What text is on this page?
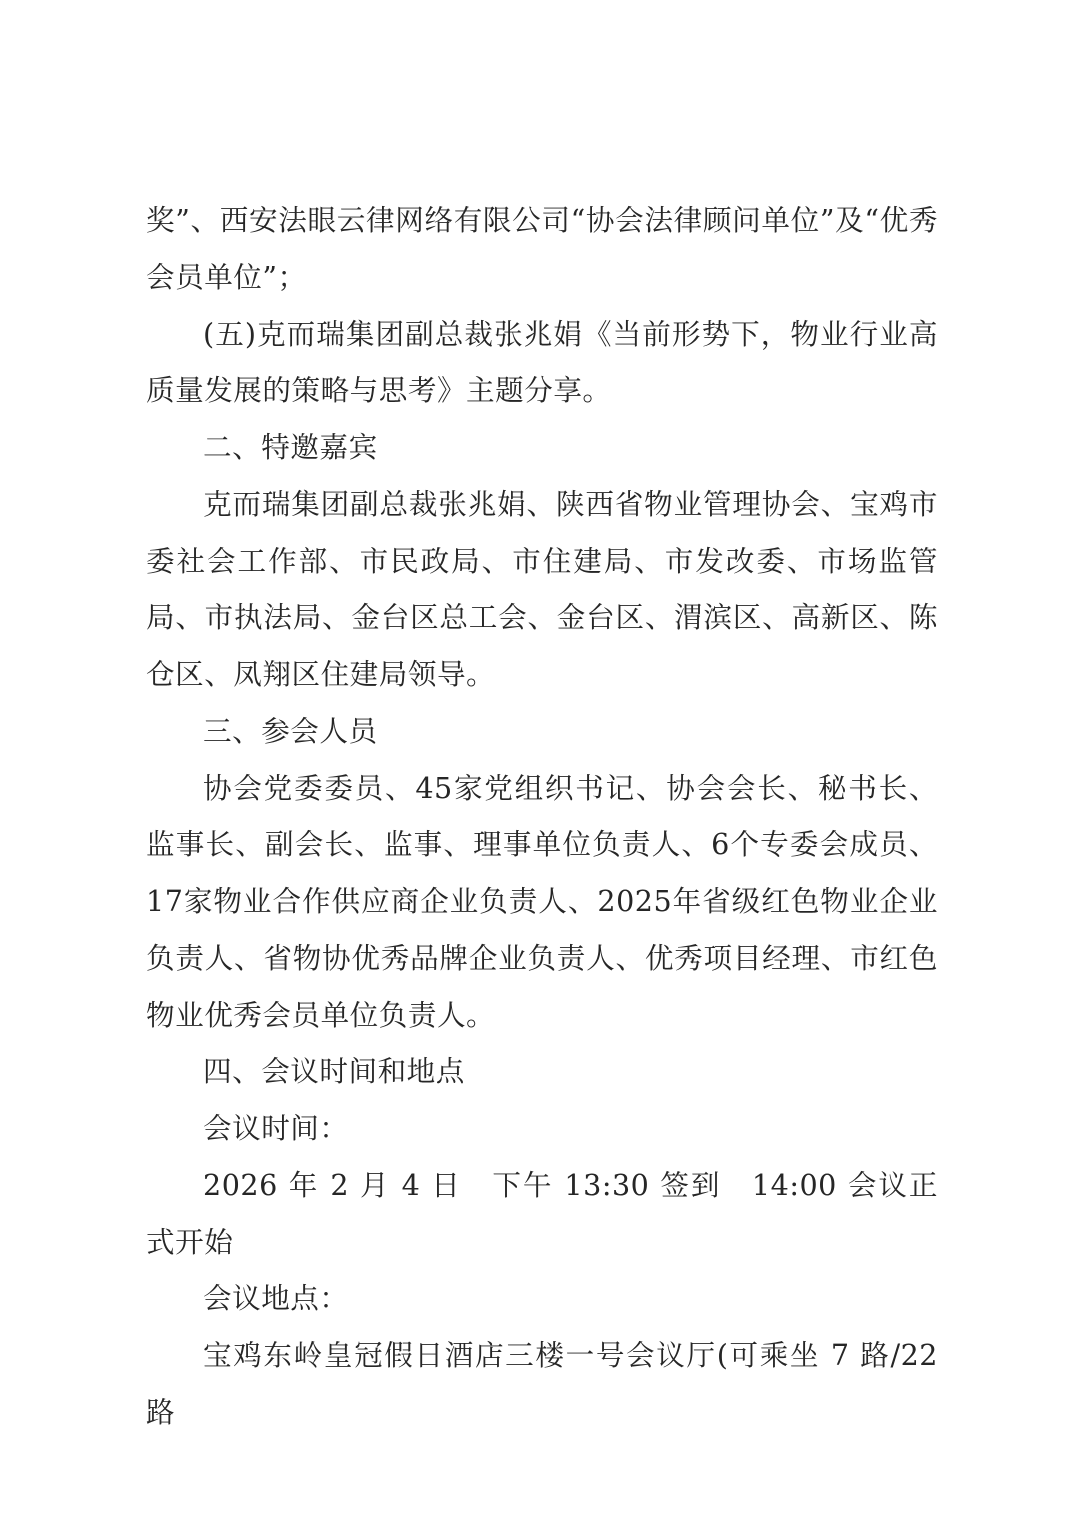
奖”、西安法眼云律网络有限公司“协会法律顾问单位”及“优秀会员单位”；

(五)克而瑞集团副总裁张兆娟《当前形势下，物业行业高质量发展的策略与思考》主题分享。

二、特邀嘉宾

克而瑞集团副总裁张兆娟、陕西省物业管理协会、宝鸡市委社会工作部、市民政局、市住建局、市发改委、市场监管局、市执法局、金台区总工会、金台区、渭滨区、高新区、陈仓区、凤翔区住建局领导。

三、参会人员

协会党委委员、45家党组织书记、协会会长、秘书长、监事长、副会长、监事、理事单位负责人、6个专委会成员、17家物业合作供应商企业负责人、2025年省级红色物业企业负责人、省物协优秀品牌企业负责人、优秀项目经理、市红色物业优秀会员单位负责人。

四、会议时间和地点

会议时间：

2026 年 2 月 4 日　下午 13:30 签到　14:00 会议正式开始

会议地点：

宝鸡东岭皇冠假日酒店三楼一号会议厅(可乘坐 7 路/22 路
